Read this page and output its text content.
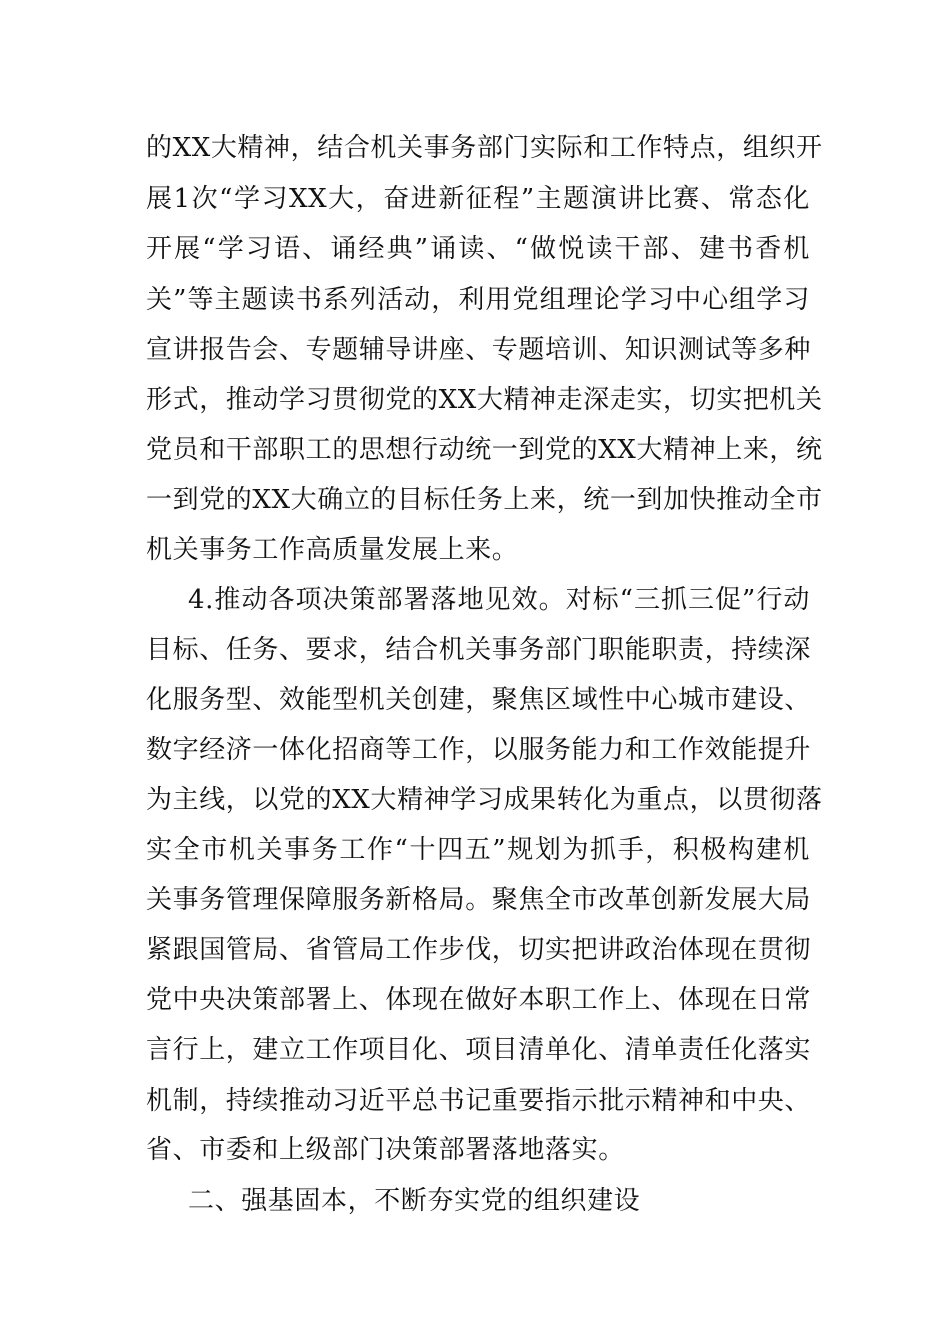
的XX大精神，结合机关事务部门实际和工作特点，组织开
展1次“学习XX大，奋进新征程”主题演讲比赛、常态化
开展“学习语、诵经典”诵读、“做悦读干部、建书香机
关”等主题读书系列活动，利用党组理论学习中心组学习
宣讲报告会、专题辅导讲座、专题培训、知识测试等多种
形式，推动学习贯彻党的XX大精神走深走实，切实把机关
党员和干部职工的思想行动统一到党的XX大精神上来，统
一到党的XX大确立的目标任务上来，统一到加快推动全市
机关事务工作高质量发展上来。
4.推动各项决策部署落地见效。对标“三抓三促”行动
目标、任务、要求，结合机关事务部门职能职责，持续深
化服务型、效能型机关创建，聚焦区域性中心城市建设、
数字经济一体化招商等工作，以服务能力和工作效能提升
为主线，以党的XX大精神学习成果转化为重点，以贯彻落
实全市机关事务工作“十四五”规划为抓手，积极构建机
关事务管理保障服务新格局。聚焦全市改革创新发展大局
紧跟国管局、省管局工作步伐，切实把讲政治体现在贯彻
党中央决策部署上、体现在做好本职工作上、体现在日常
言行上，建立工作项目化、项目清单化、清单责任化落实
机制，持续推动习近平总书记重要指示批示精神和中央、
省、市委和上级部门决策部署落地落实。
二、强基固本，不断夯实党的组织建设
